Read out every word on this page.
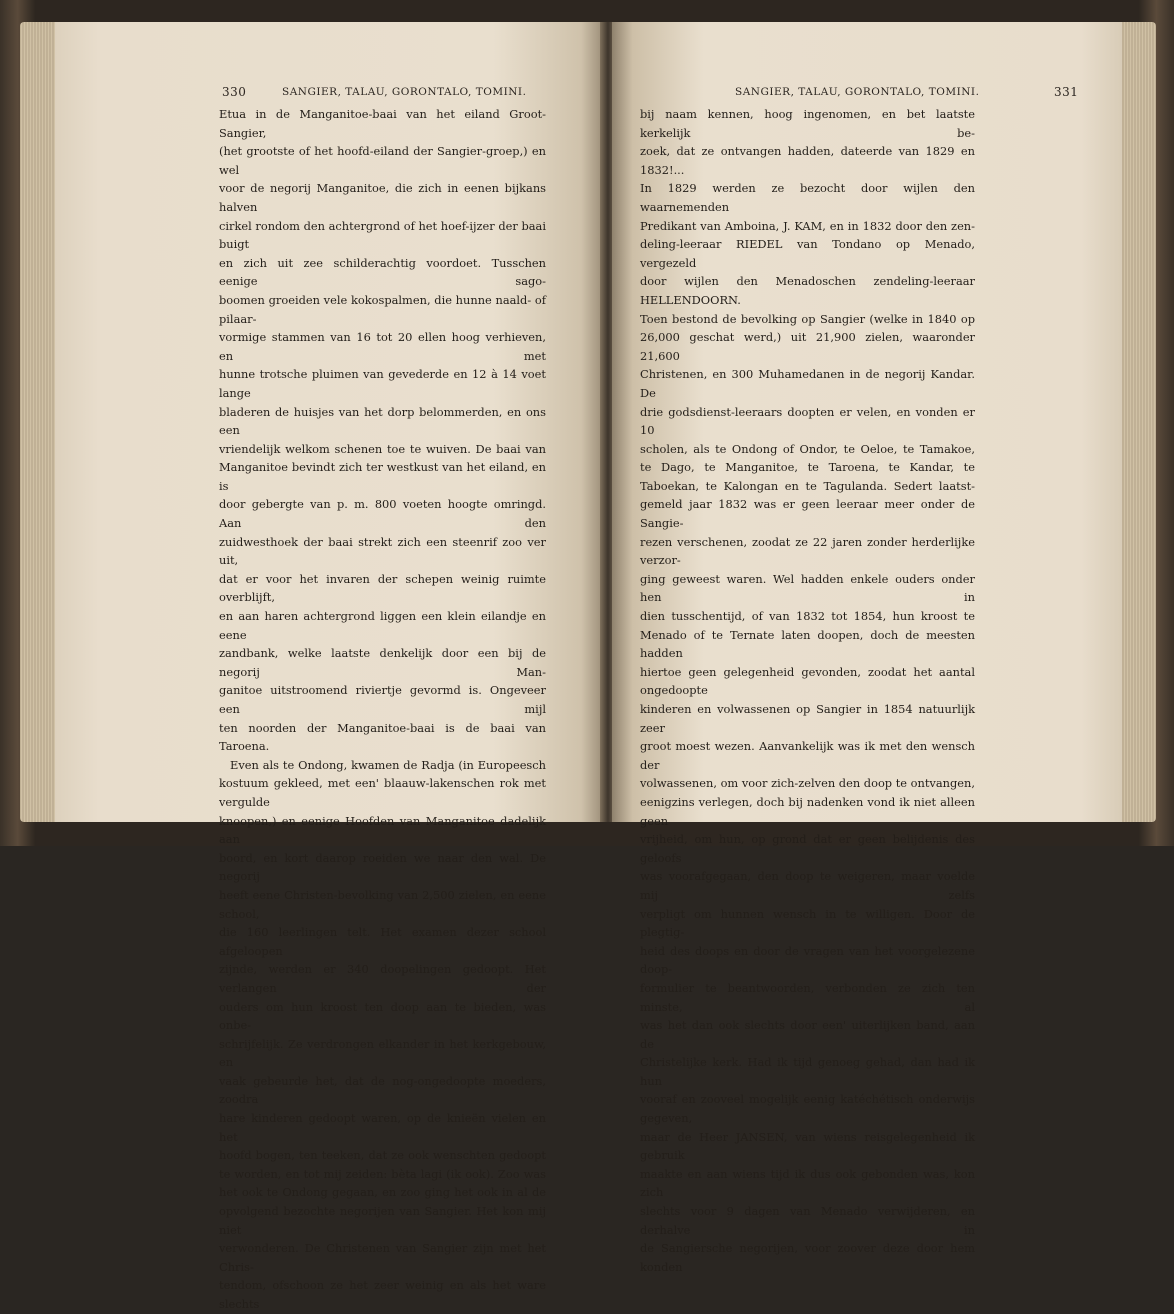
330	SANGIER, TALAU, GORONTALO, TOMINI.

Etua in de Manganitoe-baai van het eiland Groot-Sangier,

(het grootste of het hoofd-eiland der Sangier-groep,) en wel

voor de negorij Manganitoe, die zich in eenen bijkans halven

cirkel rondom den achtergrond of het hoef-ijzer der baai buigt

en zich uit zee schilderachtig voordoet. Tusschen eenige sago-

boomen groeiden vele kokospalmen, die hunne naald- of pilaar-

vormige stammen van 16 tot 20 ellen hoog verhieven, en met

hunne trotsche pluimen van gevederde en 12 à 14 voet lange

bladeren de huisjes van het dorp belommerden, en ons een

vriendelijk welkom schenen toe te wuiven. De baai van

Manganitoe bevindt zich ter westkust van het eiland, en is

door gebergte van p. m. 800 voeten hoogte omringd. Aan den

zuidwesthoek der baai strekt zich een steenrif zoo ver uit,

dat er voor het invaren der schepen weinig ruimte overblijft,

en aan haren achtergrond liggen een klein eilandje en eene

zandbank, welke laatste denkelijk door een bij de negorij Man-

ganitoe uitstroomend riviertje gevormd is. Ongeveer een mijl

ten noorden der Manganitoe-baai is de baai van Taroena.

Even als te Ondong, kwamen de Radja (in Europeesch

kostuum gekleed, met een' blaauw-lakenschen rok met vergulde

knoopen,) en eenige Hoofden van Manganitoe dadelijk aan

boord, en kort daarop roeiden we naar den wal. De negorij

heeft eene Christen-bevolking van 2,500 zielen, en eene school,

die 160 leerlingen telt. Het examen dezer school afgeloopen

zijnde, werden er 340 doopelingen gedoopt. Het verlangen der

ouders om hun kroost ten doop aan te bieden, was onbe-

schrijfelijk. Ze verdrongen elkander in het kerkgebouw, en

vaak gebeurde het, dat de nog-ongedoopte moeders, zoodra

hare kinderen gedoopt waren, op de knieën vielen en het

hoofd bogen, ten teeken, dat ze ook wenschten gedoopt

te worden, en tot mij zeiden: bèta lagi (ik ook). Zoo was

het ook te Ondong gegaan, en zoo ging het ook in al de

opvolgend bezochte negorijen van Sangier. Het kon mij niet

verwonderen. De Christenen van Sangier zijn met het Chris-

tendom, ofschoon ze het zeer weinig en als het ware slechts

SANGIER, TALAU, GORONTALO, TOMINI.	331

bij naam kennen, hoog ingenomen, en bet laatste kerkelijk be-

zoek, dat ze ontvangen hadden, dateerde van 1829 en 1832!...

In 1829 werden ze bezocht door wijlen den waarnemenden

Predikant van Amboina, J. KAM, en in 1832 door den zen-

deling-leeraar RIEDEL van Tondano op Menado, vergezeld

door wijlen den Menadoschen zendeling-leeraar HELLENDOORN.

Toen bestond de bevolking op Sangier (welke in 1840 op

26,000 geschat werd,) uit 21,900 zielen, waaronder 21,600

Christenen, en 300 Muhamedanen in de negorij Kandar. De

drie godsdienst-leeraars doopten er velen, en vonden er 10

scholen, als te Ondong of Ondor, te Oeloe, te Tamakoe,

te Dago, te Manganitoe, te Taroena, te Kandar, te

Taboekan, te Kalongan en te Tagulanda. Sedert laatst-

gemeld jaar 1832 was er geen leeraar meer onder de Sangie-

rezen verschenen, zoodat ze 22 jaren zonder herderlijke verzor-

ging geweest waren. Wel hadden enkele ouders onder hen in

dien tusschentijd, of van 1832 tot 1854, hun kroost te

Menado of te Ternate laten doopen, doch de meesten hadden

hiertoe geen gelegenheid gevonden, zoodat het aantal ongedoopte

kinderen en volwassenen op Sangier in 1854 natuurlijk zeer

groot moest wezen. Aanvankelijk was ik met den wensch der

volwassenen, om voor zich-zelven den doop te ontvangen,

eenigzins verlegen, doch bij nadenken vond ik niet alleen geen

vrijheid, om hun, op grond dat er geen belijdenis des geloofs

was voorafgegaan, den doop te weigeren, maar voelde mij zelfs

verpligt om hunnen wensch in te willigen. Door de plegtig-

heid des doops en door de vragen van het voorgelezene doop-

formulier te beantwoorden, verbonden ze zich ten minste, al

was het dan ook slechts door een' uiterlijken band, aan de

Christelijke kerk. Had ik tijd genoeg gehad, dan had ik hun

vooraf en zooveel mogelijk eenig katéchétisch onderwijs gegeven,

maar de Heer JANSEN, van wiens reisgelegenheid ik gebruik

maakte en aan wiens tijd ik dus ook gebonden was, kon zich

slechts voor 9 dagen van Menado verwijderen, en derhalve in

de Sangiersche negorijen, voor zoover deze door hem konden
